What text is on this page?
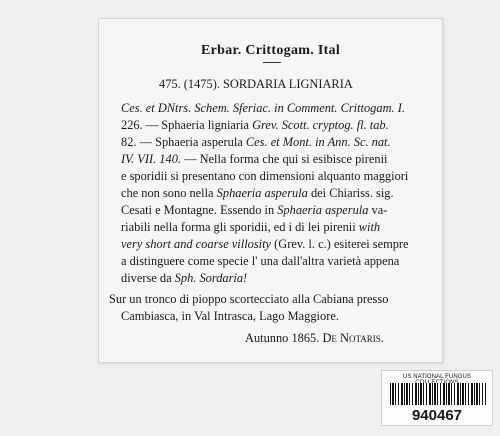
Erbar. Crittogam. Ital
475. (1475). SORDARIA LIGNIARIA
Ces. et DNtrs. Schem. Sferiac. in Comment. Crittogam. I.
226. — Sphaeria ligniaria Grev. Scott. cryptog. fl. tab.
82. — Sphaeria asperula Ces. et Mont. in Ann. Sc. nat.
IV. VII. 140. — Nella forma che qui si esibisce pirenii
e sporidii si presentano con dimensioni alquanto maggiori
che non sono nella Sphaeria asperula dei Chiariss. sig.
Cesati e Montagne. Essendo in Sphaeria asperula va-
riabili nella forma gli sporidii, ed i di lei pirenii with
very short and coarse villosity (Grev. l. c.) esiterei sempre
a distinguere come specie l' una dall'altra varietà appena
diverse da Sph. Sordaria!
Sur un tronco di pioppo scortecciato alla Cabiana presso
Cambiasca, in Val Intrasca, Lago Maggiore.
Autunno 1865. De Notaris.
US NATIONAL FUNGUS
940467
